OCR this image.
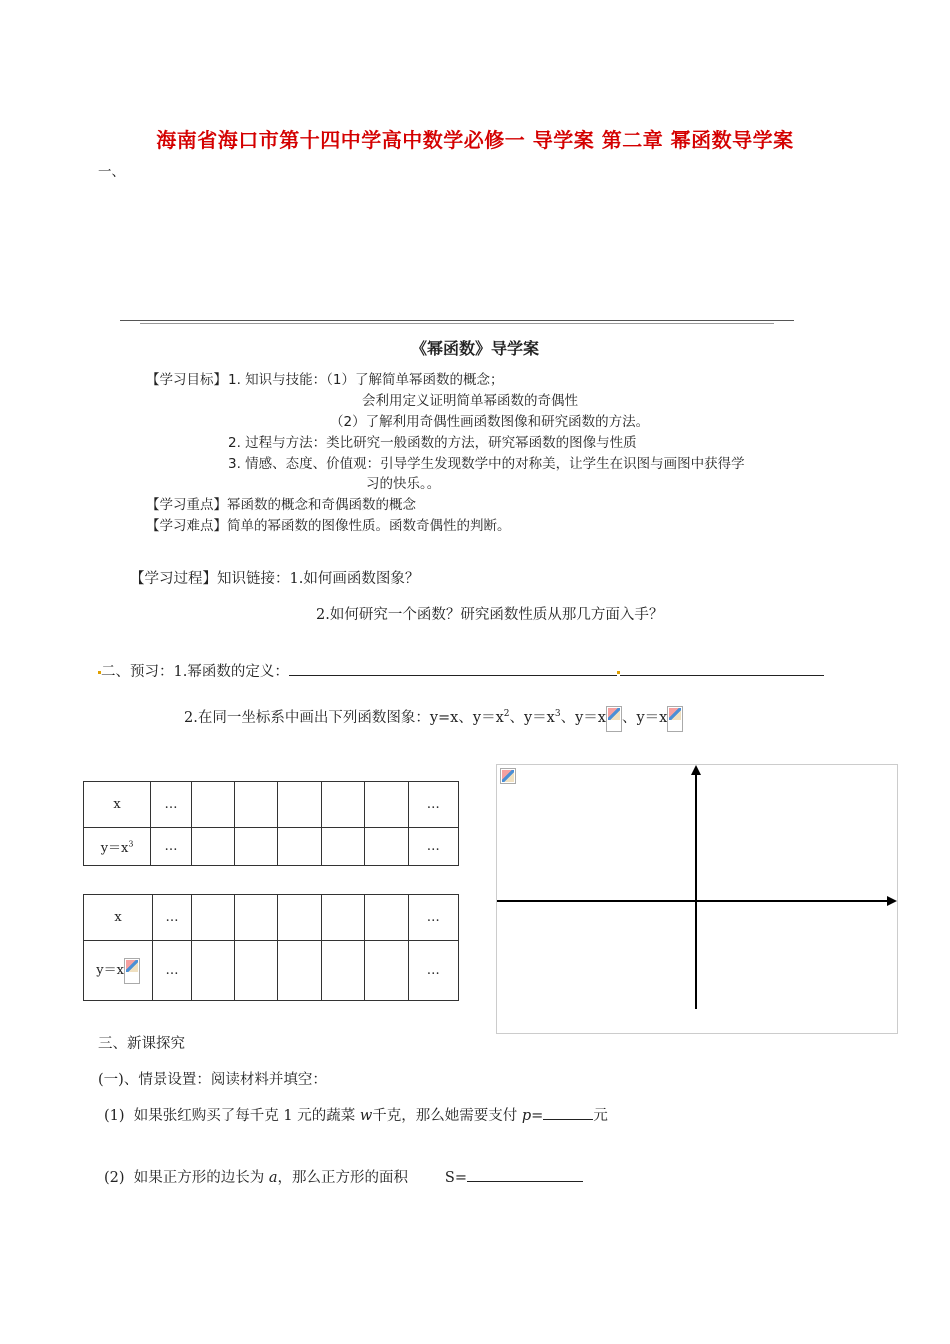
海南省海口市第十四中学高中数学必修一 导学案 第二章 幂函数导学案
一、
《幂函数》导学案
【学习目标】 1. 知识与技能：（1）了解简单幂函数的概念；
会利用定义证明简单幂函数的奇偶性
（2）了解利用奇偶性画函数图像和研究函数的方法。
2. 过程与方法：类比研究一般函数的方法，研究幂函数的图像与性质
3. 情感、态度、价值观：引导学生发现数学中的对称美，让学生在识图与画图中获得学
习的快乐。。
【学习重点】幂函数的概念和奇偶函数的概念
【学习难点】简单的幂函数的图像性质。函数奇偶性的判断。
【学习过程】知识链接：1.如何画函数图象？
2.如何研究一个函数？研究函数性质从那几方面入手？
二、预习：1.幂函数的定义：
2.在同一坐标系中画出下列函数图象：y=x、$y=x^2$、$y=x^3$、y＝x 、y＝x
x	…						…
$y=x^3$	…						…
x	…						…
y＝x	…						…
三、新课探究
(一)、情景设置：阅读材料并填空：
(1) 如果张红购买了每千克 1 元的蔬菜 w千克，那么她需要支付 p=	元
(2) 如果正方形的边长为 a，那么正方形的面积	S=
